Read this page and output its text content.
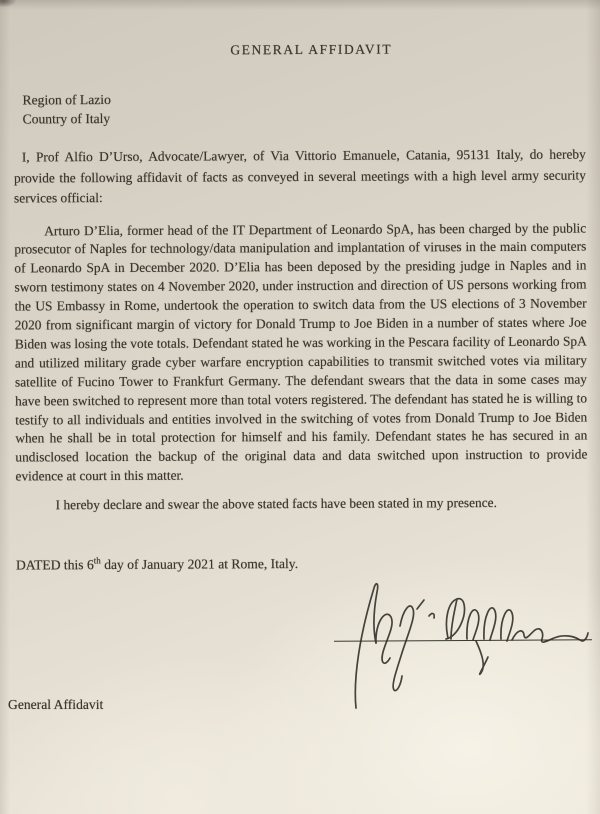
GENERAL AFFIDAVIT
Region of Lazio
Country of Italy

I, Prof Alfio D’Urso, Advocate/Lawyer, of Via Vittorio Emanuele, Catania, 95131 Italy, do hereby provide the following affidavit of facts as conveyed in several meetings with a high level army security services official:

Arturo D’Elia, former head of the IT Department of Leonardo SpA, has been charged by the public prosecutor of Naples for technology/data manipulation and implantation of viruses in the main computers of Leonardo SpA in December 2020. D’Elia has been deposed by the presiding judge in Naples and in sworn testimony states on 4 November 2020, under instruction and direction of US persons working from the US Embassy in Rome, undertook the operation to switch data from the US elections of 3 November 2020 from significant margin of victory for Donald Trump to Joe Biden in a number of states where Joe Biden was losing the vote totals. Defendant stated he was working in the Pescara facility of Leonardo SpA and utilized military grade cyber warfare encryption capabilities to transmit switched votes via military satellite of Fucino Tower to Frankfurt Germany. The defendant swears that the data in some cases may have been switched to represent more than total voters registered. The defendant has stated he is willing to testify to all individuals and entities involved in the switching of votes from Donald Trump to Joe Biden when he shall be in total protection for himself and his family. Defendant states he has secured in an undisclosed location the backup of the original data and data switched upon instruction to provide evidence at court in this matter.

I hereby declare and swear the above stated facts have been stated in my presence.

DATED this 6th day of January 2021 at Rome, Italy.
General Affidavit
